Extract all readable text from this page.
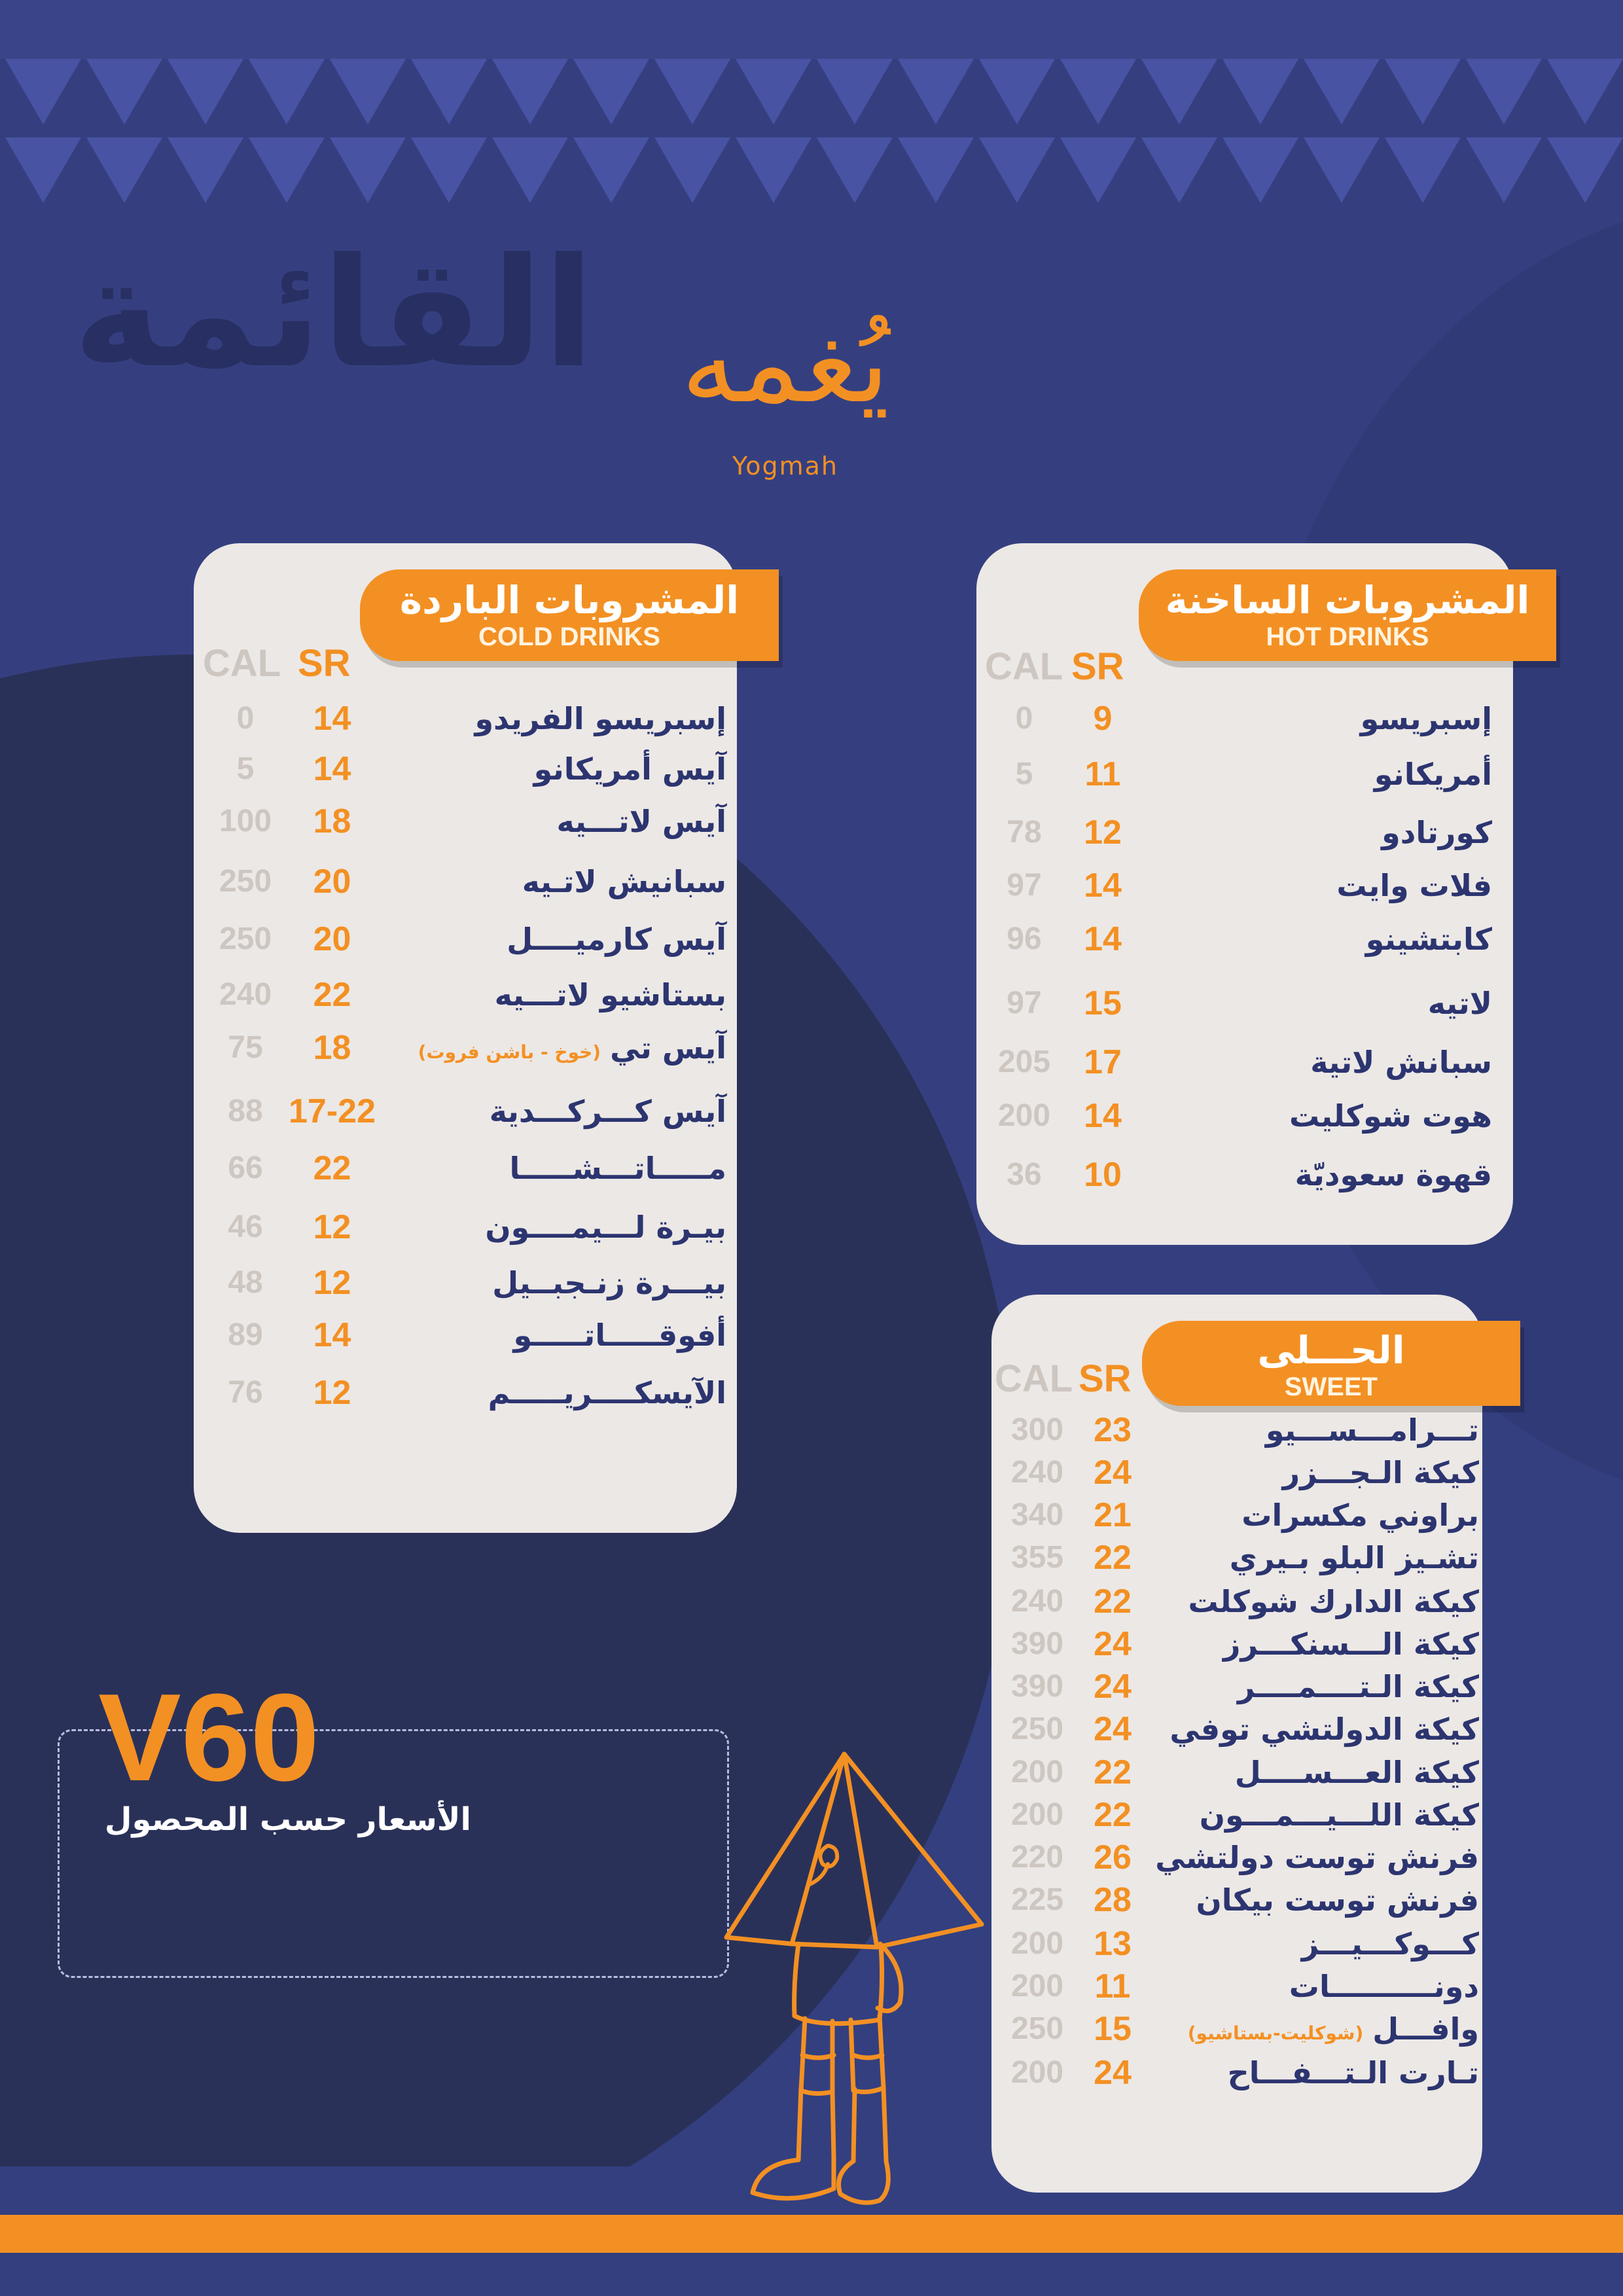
القائمة يُغمه
Yogmah
المشروبات الساخنة
HOT DRINKS
CAL SR
0	9	إسبريسو
5	11	أمريكانو
78	12	كورتادو
97	14	فلات وايت
96	14	كابتشينو
97	15	لاتيه
205 17	سبانش لاتية
200 14	هوت شوكليت
36	10	قهوة سعوديّة
المشروبات الباردة
COLD DRINKS
CAL SR
0	14	إسبريسو الفريدو
5	14	آيس أمريكانو
100	18	آيس لاتـــيه
250	20	سبانيش لاتـيه
250	20	آيس كارميــــل
240	22	بستاشيو لاتـــيه
75	18	آيس تي(خوخ - باشن فروت)
88 17-22	آيس كـــركـــدية
66	22	مـــــاتـــشـــــا
46	12	بيـرة لـــيمــــون
48	12	بيـــرة زنـجبــيل
89	14	أفوقـــــاتـــــو
76	12	الآيسكــــريـــــم
الحـــلى
SWEET
CAL SR
300 23	تـــرامـــســـيو
240 24	كيكة الـجـــزر
340 21	براوني مكسرات
355 22	تشـيز البلو بـيري
240 22	كيكة الدارك شوكلت
390 24	كيكة الـــسنكـــرز
390 24	كيكة الـتــــمــــر
250 24	كيكة الدولتشي توفي
200 22	كيكة العـــســــل
200 22	كيكة اللـــيـــمـــون
220 26 فرنش توست دولتشي
225 28	فرنش توست بيكان
200 13	كـــوكـــيـــز
200 11	دونــــــــــات
250 15	وافـــل(شوكليت-بستاشيو)
200 24	تـارت الـتـــفـــاح
V60
الأسعار حسب المحصول
